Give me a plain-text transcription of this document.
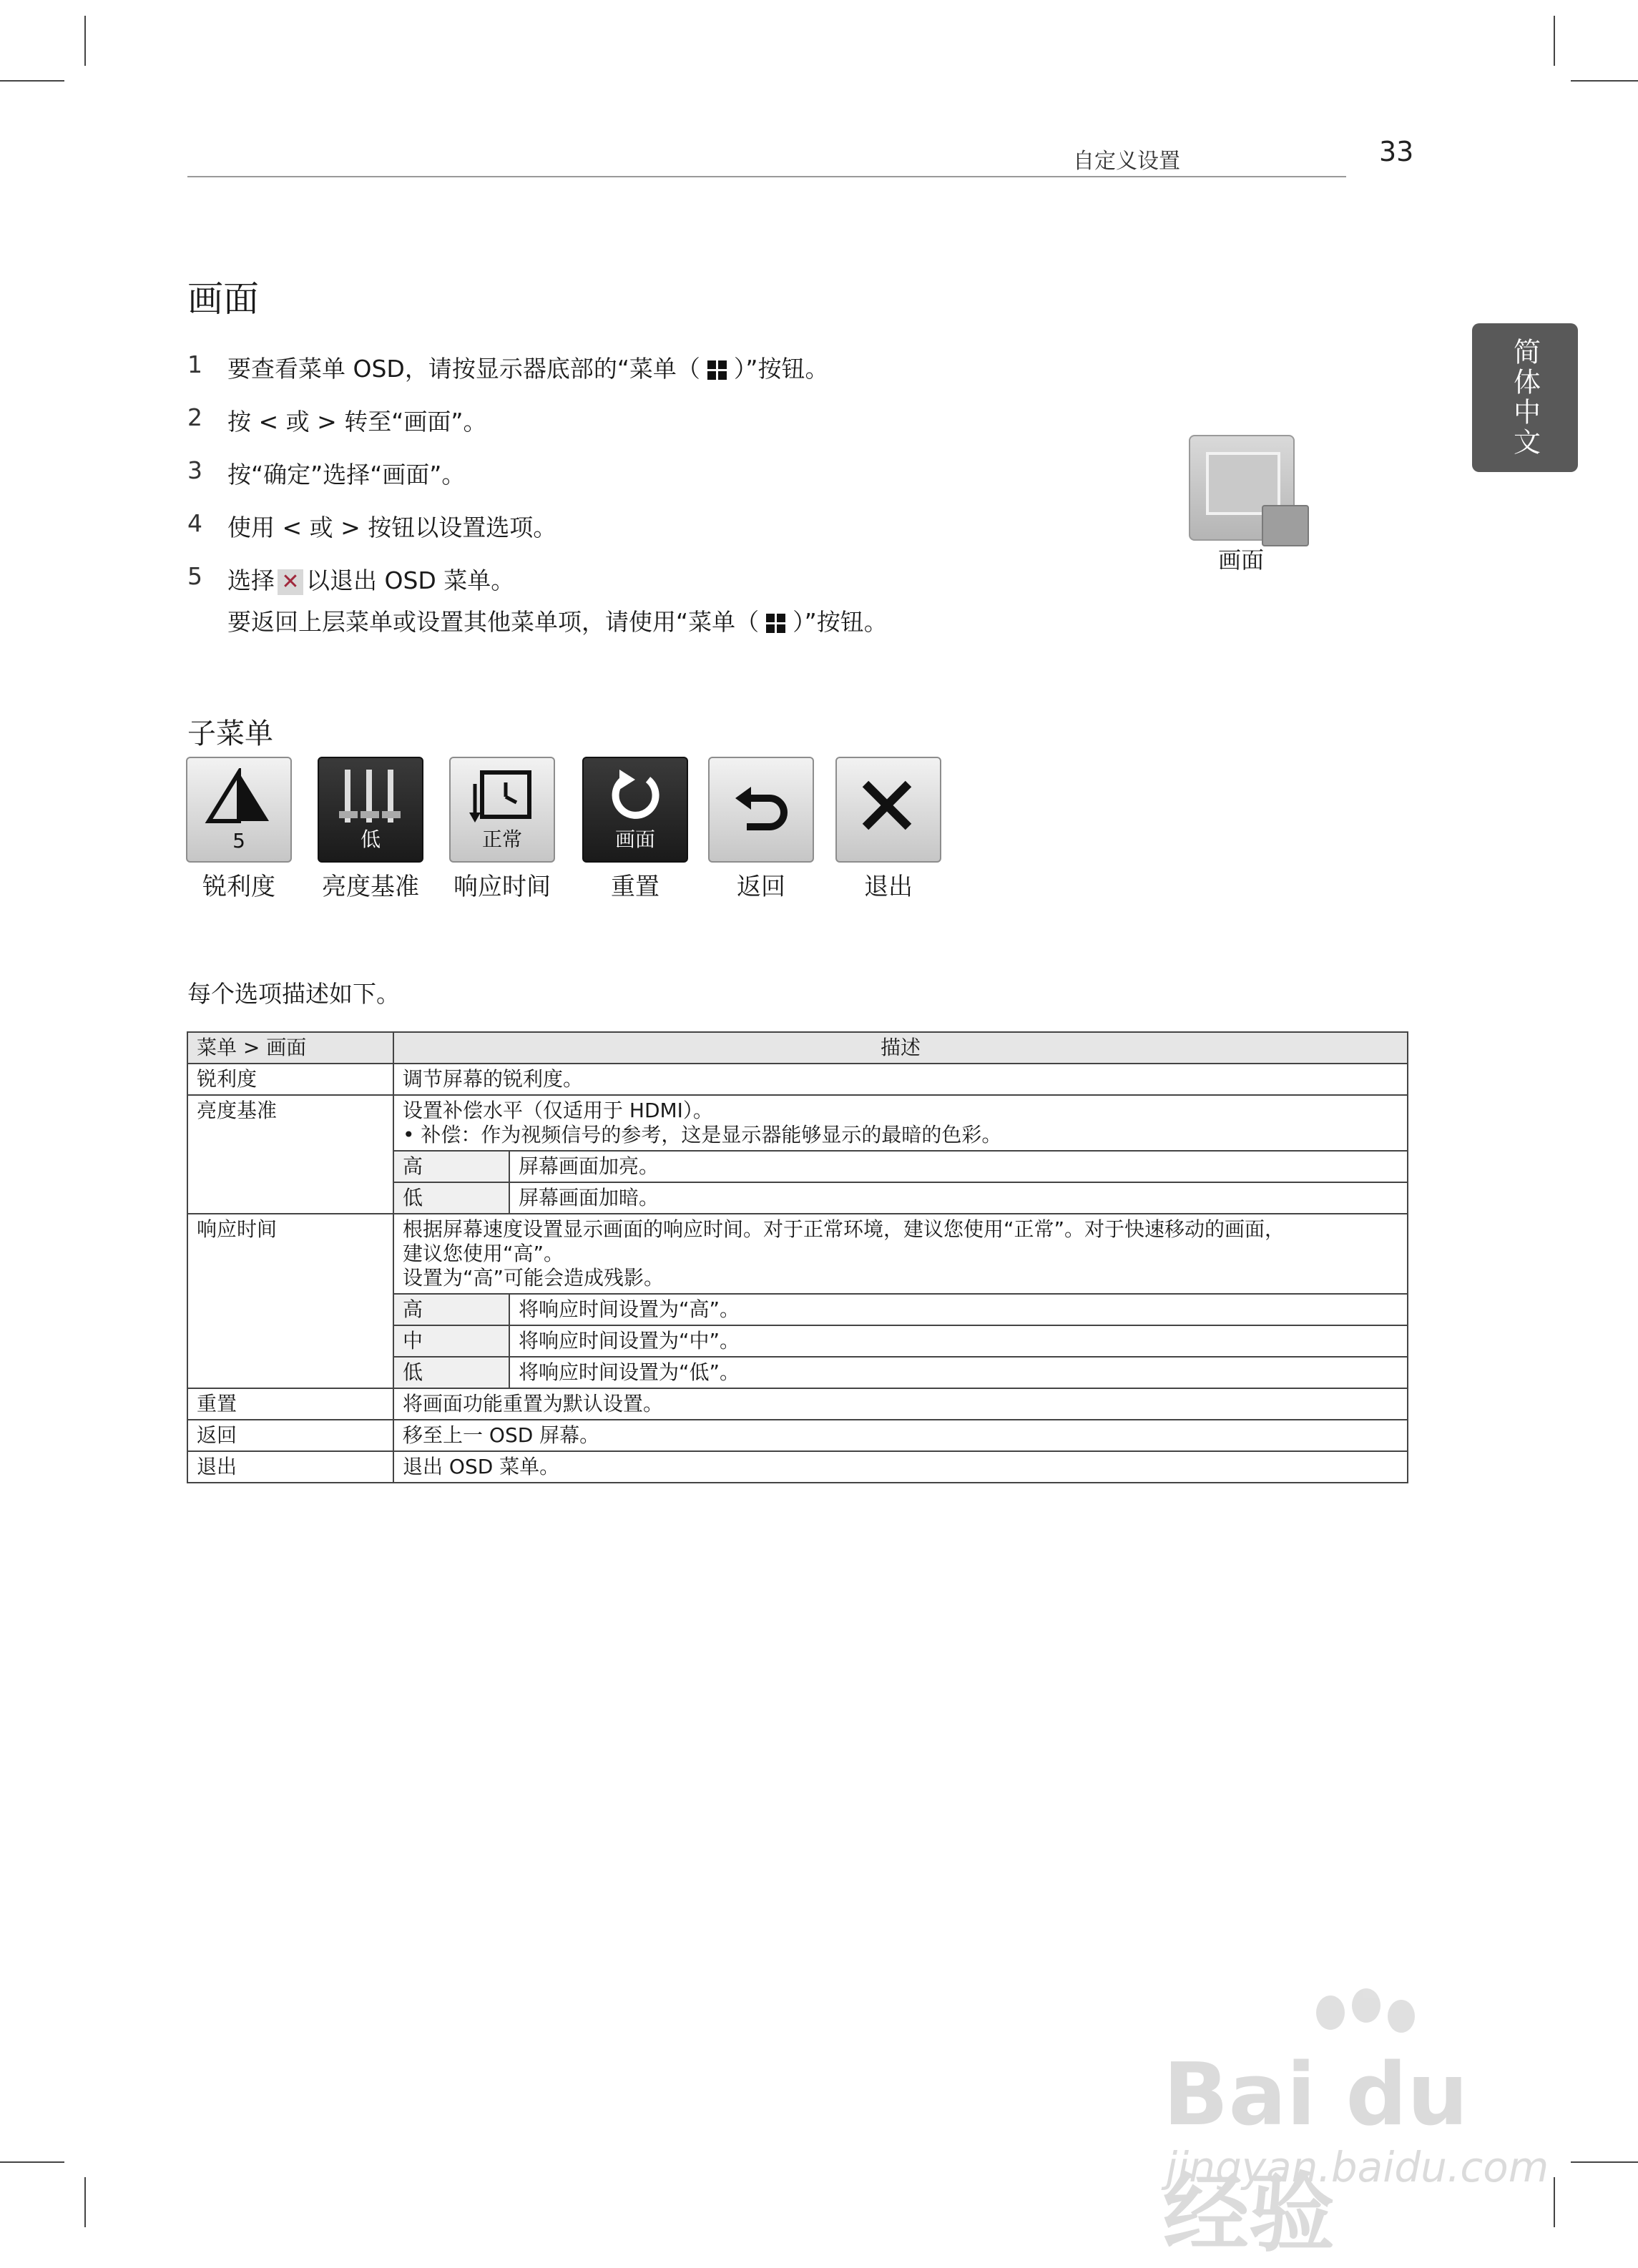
自定义设置	33
简体中文
画面
1	要查看菜单 OSD，请按显示器底部的“菜单（ ）”按钮。
2	按 < 或 > 转至“画面”。
3	按“确定”选择“画面”。
4	使用 < 或 > 按钮以设置选项。
5	选择 ✕ 以退出 OSD 菜单。
要返回上层菜单或设置其他菜单项，请使用“菜单（ ）”按钮。
画面
子菜单
5
锐利度
低
亮度基准
正常
响应时间
画面
重置	返回	退出
每个选项描述如下。
菜单 > 画面	描述	
锐利度	调节屏幕的锐利度。	
亮度基准	设置补偿水平（仅适用于 HDMI）。
• 补偿：作为视频信号的参考，这是显示器能够显示的最暗的色彩。	

	高	屏幕画面加亮。
	低	屏幕画面加暗。
响应时间	根据屏幕速度设置显示画面的响应时间。对于正常环境，建议您使用“正常”。对于快速移动的画面，
建议您使用“高”。
设置为“高”可能会造成残影。	

	高	将响应时间设置为“高”。
	中	将响应时间设置为“中”。
	低	将响应时间设置为“低”。
重置	将画面功能重置为默认设置。	
返回	移至上一 OSD 屏幕。	
退出	退出 OSD 菜单。	
Bai du 经验
jingyan.baidu.com
